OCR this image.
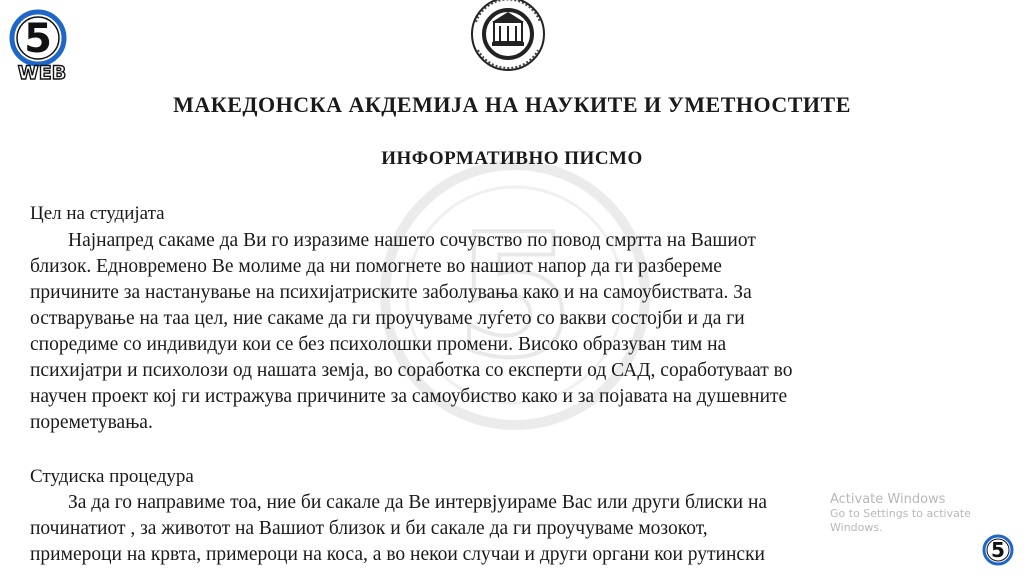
5
WEB
5
МАКЕДОНСКА АКДЕМИЈА НА НАУКИТЕ И УМЕТНОСТИТЕ
ИНФОРМАТИВНО ПИСМО
Цел на студијата
Најнапред сакаме да Ви го изразиме нашето сочувство по повод смртта на Вашиот
близок. Едновремено Ве молиме да ни помогнете во нашиот напор да ги разбереме
причините за настанување на психијатриските заболувања како и на самоубиствата. За
остварување на таа цел, ние сакаме да ги проучуваме луѓето со вакви состојби и да ги
споредиме со индивидуи кои се без психолошки промени. Високо образуван тим на
психијатри и психолози од нашата земја, во соработка со експерти од САД, соработуваат во
научен проект кој ги истражува причините за самоубиство како и за појавата на душевните
пореметувања.
Студиска процедура
За да го направиме тоа, ние би сакале да Ве интервјуираме Вас или други блиски на
починатиот , за животот на Вашиот близок и би сакале да ги проучуваме мозокот,
примероци на крвта, примероци на коса, а во некои случаи и други органи кои рутински
Activate Windows
Go to Settings to activate Windows.
5
